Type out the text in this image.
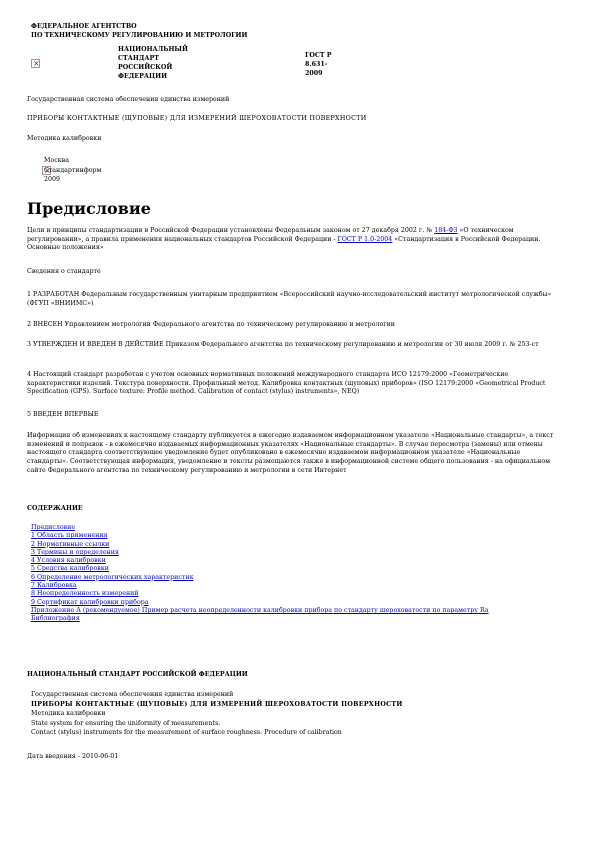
ФЕДЕРАЛЬНОЕ АГЕНТСТВО
ПО ТЕХНИЧЕСКОМУ РЕГУЛИРОВАНИЮ И МЕТРОЛОГИИ
×
НАЦИОНАЛЬНЫЙ
СТАНДАРТ
РОССИЙСКОЙ
ФЕДЕРАЦИИ
ГОСТ Р
8.631-
2009
Государственная система обеспечения единства измерений
ПРИБОРЫ КОНТАКТНЫЕ (ЩУПОВЫЕ) ДЛЯ ИЗМЕРЕНИЙ ШЕРОХОВАТОСТИ ПОВЕРХНОСТИ
Методика калибровки
×
Москва
Стандартинформ
2009
Предисловие
Цели и принципы стандартизации в Российской Федерации установлены Федеральным законом от 27 декабря 2002 г. № 184-ФЗ «О техническом регулировании», а правила применения национальных стандартов Российской Федерации - ГОСТ Р 1.0-2004 «Стандартизация в Российской Федерации. Основные положения»
Сведения о стандарте
1 РАЗРАБОТАН Федеральным государственным унитарным предприятием «Всероссийский научно-исследовательский институт метрологической службы» (ФГУП «ВНИИМС»)
2 ВНЕСЕН Управлением метрологии Федерального агентства по техническому регулированию и метрологии
3 УТВЕРЖДЕН И ВВЕДЕН В ДЕЙСТВИЕ Приказом Федерального агентства по техническому регулированию и метрологии от 30 июля 2009 г. № 253-ст
4 Настоящий стандарт разработан с учетом основных нормативных положений международного стандарта ИСО 12179:2000 «Геометрические характеристики изделий. Текстура поверхности. Профильный метод. Калибровка контактных (щуповых) приборов» (ISO 12179:2000 «Geometrical Product Specification (GPS). Surface texture: Profile method. Calibration of contact (stylus) instruments», NEQ)
5 ВВЕДЕН ВПЕРВЫЕ
Информация об изменениях к настоящему стандарту публикуется в ежегодно издаваемом информационном указателе «Национальные стандарты», а текст изменений и поправок - в ежемесячно издаваемых информационных указателях «Национальные стандарты». В случае пересмотра (замены) или отмены настоящего стандарта соответствующее уведомление будет опубликовано в ежемесячно издаваемом информационном указателе «Национальные стандарты». Соответствующая информация, уведомление и тексты размещаются также в информационной системе общего пользования - на официальном сайте Федерального агентства по техническому регулированию и метрологии в сети Интернет
СОДЕРЖАНИЕ
Предисловие
1 Область применения
2 Нормативные ссылки
3 Термины и определения
4 Условия калибровки
5 Средства калибровки
6 Определение метрологических характеристик
7 Калибровка
8 Неопределенность измерений
9 Сертификат калибровки прибора
Приложение А (рекомендуемое) Пример расчета неопределенности калибровки прибора по стандарту шероховатости по параметру Ra
Библиография
НАЦИОНАЛЬНЫЙ СТАНДАРТ РОССИЙСКОЙ ФЕДЕРАЦИИ
Государственная система обеспечения единства измерений
ПРИБОРЫ КОНТАКТНЫЕ (ЩУПОВЫЕ) ДЛЯ ИЗМЕРЕНИЙ ШЕРОХОВАТОСТИ ПОВЕРХНОСТИ
Методика калибровки
State system for ensuring the uniformity of measurements.
Contact (stylus) instruments for the measurement of surface roughness. Procedure of calibration
Дата введения - 2010-06-01
